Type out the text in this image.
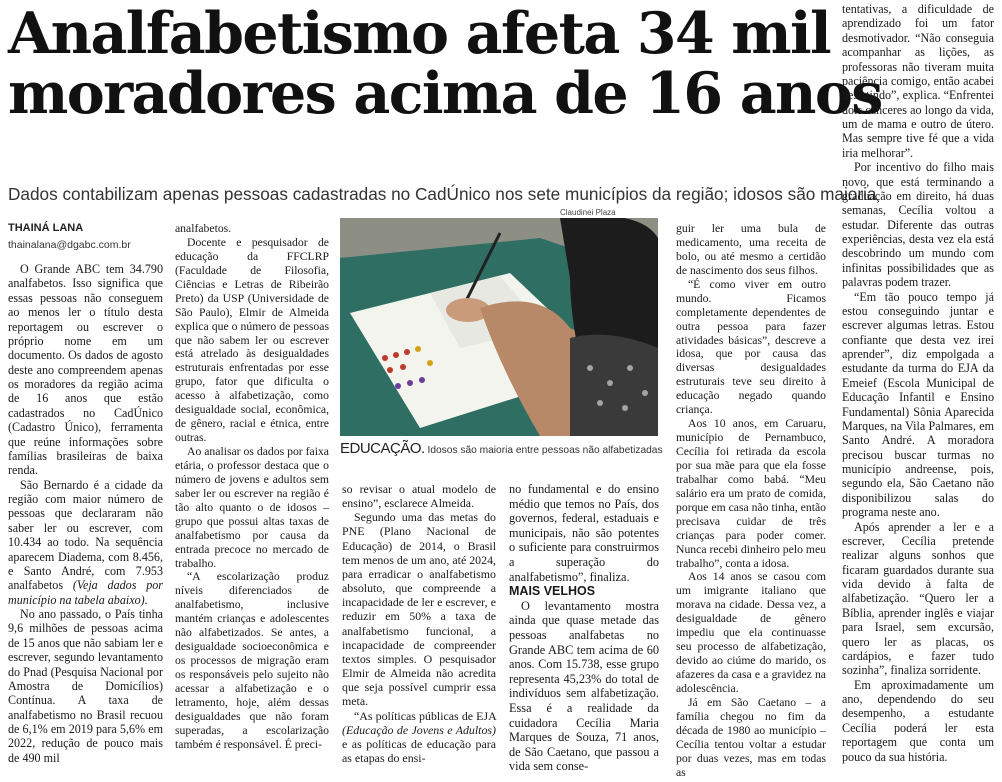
Analfabetismo afeta 34 mil
moradores acima de 16 anos
Dados contabilizam apenas pessoas cadastradas no CadÚnico nos sete municípios da região; idosos são maioria
THAINÁ LANA
thainalana@dgabc.com.br

O Grande ABC tem 34.790 analfabetos. Isso significa que essas pessoas não conseguem ao menos ler o título desta reportagem ou escrever o próprio nome em um documento. Os dados de agosto deste ano compreendem apenas os moradores da região acima de 16 anos que estão cadastrados no CadÚnico (Cadastro Único), ferramenta que reúne informações sobre famílias brasileiras de baixa renda.

São Bernardo é a cidade da região com maior número de pessoas que declararam não saber ler ou escrever, com 10.434 ao todo. Na sequência aparecem Diadema, com 8.456, e Santo André, com 7.953 analfabetos (Veja dados por município na tabela abaixo).

No ano passado, o País tinha 9,6 milhões de pessoas acima de 15 anos que não sabiam ler e escrever, segundo levantamento do Pnad (Pesquisa Nacional por Amostra de Domicílios) Contínua. A taxa de analfabetismo no Brasil recuou de 6,1% em 2019 para 5,6% em 2022, redução de pouco mais de 490 mil

analfabetos.

Docente e pesquisador de educação da FFCLRP (Faculdade de Filosofia, Ciências e Letras de Ribeirão Preto) da USP (Universidade de São Paulo), Elmir de Almeida explica que o número de pessoas que não sabem ler ou escrever está atrelado às desigualdades estruturais enfrentadas por esse grupo, fator que dificulta o acesso à alfabetização, como desigualdade social, econômica, de gênero, racial e étnica, entre outras.

Ao analisar os dados por faixa etária, o professor destaca que o número de jovens e adultos sem saber ler ou escrever na região é tão alto quanto o de idosos – grupo que possui altas taxas de analfabetismo por causa da entrada precoce no mercado de trabalho.

“A escolarização produz níveis diferenciados de analfabetismo, inclusive mantém crianças e adolescentes não alfabetizados. Se antes, a desigualdade socioeconômica e os processos de migração eram os responsáveis pelo sujeito não acessar a alfabetização e o letramento, hoje, além dessas desigualdades que não foram superadas, a escolarização também é responsável. É preci-

Claudinei Plaza
EDUCAÇÃO. Idosos são maioria entre pessoas não alfabetizadas

so revisar o atual modelo de ensino”, esclarece Almeida.

Segundo uma das metas do PNE (Plano Nacional de Educação) de 2014, o Brasil tem menos de um ano, até 2024, para erradicar o analfabetismo absoluto, que compreende a incapacidade de ler e escrever, e reduzir em 50% a taxa de analfabetismo funcional, a incapacidade de compreender textos simples. O pesquisador Elmir de Almeida não acredita que seja possível cumprir essa meta.

“As políticas públicas de EJA (Educação de Jovens e Adultos) e as políticas de educação para as etapas do ensi-

no fundamental e do ensino médio que temos no País, dos governos, federal, estaduais e municipais, não são potentes o suficiente para construirmos a superação do analfabetismo”, finaliza.

MAIS VELHOS

O levantamento mostra ainda que quase metade das pessoas analfabetas no Grande ABC tem acima de 60 anos. Com 15.738, esse grupo representa 45,23% do total de indivíduos sem alfabetização. Essa é a realidade da cuidadora Cecília Maria Marques de Souza, 71 anos, de São Caetano, que passou a vida sem conse-

guir ler uma bula de medicamento, uma receita de bolo, ou até mesmo a certidão de nascimento dos seus filhos.

“É como viver em outro mundo. Ficamos completamente dependentes de outra pessoa para fazer atividades básicas”, descreve a idosa, que por causa das diversas desigualdades estruturais teve seu direito à educação negado quando criança.

Aos 10 anos, em Caruaru, município de Pernambuco, Cecília foi retirada da escola por sua mãe para que ela fosse trabalhar como babá. “Meu salário era um prato de comida, porque em casa não tinha, então precisava cuidar de três crianças para poder comer. Nunca recebi dinheiro pelo meu trabalho”, conta a idosa.

Aos 14 anos se casou com um imigrante italiano que morava na cidade. Dessa vez, a desigualdade de gênero impediu que ela continuasse seu processo de alfabetização, devido ao ciúme do marido, os afazeres da casa e a gravidez na adolescência.

Já em São Caetano – a família chegou no fim da década de 1980 ao município – Cecília tentou voltar a estudar por duas vezes, mas em todas as

tentativas, a dificuldade de aprendizado foi um fator desmotivador. “Não conseguia acompanhar as lições, as professoras não tiveram muita paciência comigo, então acabei desistindo”, explica. “Enfrentei dois cânceres ao longo da vida, um de mama e outro de útero. Mas sempre tive fé que a vida iria melhorar”.

Por incentivo do filho mais novo, que está terminando a graduação em direito, há duas semanas, Cecília voltou a estudar. Diferente das outras experiências, desta vez ela está descobrindo um mundo com infinitas possibilidades que as palavras podem trazer.

“Em tão pouco tempo já estou conseguindo juntar e escrever algumas letras. Estou confiante que desta vez irei aprender”, diz empolgada a estudante da turma do EJA da Emeief (Escola Municipal de Educação Infantil e Ensino Fundamental) Sônia Aparecida Marques, na Vila Palmares, em Santo André. A moradora precisou buscar turmas no município andreense, pois, segundo ela, São Caetano não disponibilizou salas do programa neste ano.

Após aprender a ler e a escrever, Cecília pretende realizar alguns sonhos que ficaram guardados durante sua vida devido à falta de alfabetização. “Quero ler a Bíblia, aprender inglês e viajar para Israel, sem excursão, quero ler as placas, os cardápios, e fazer tudo sozinha”, finaliza sorridente.

Em aproximadamente um ano, dependendo do seu desempenho, a estudante Cecília poderá ler esta reportagem que conta um pouco da sua história.
